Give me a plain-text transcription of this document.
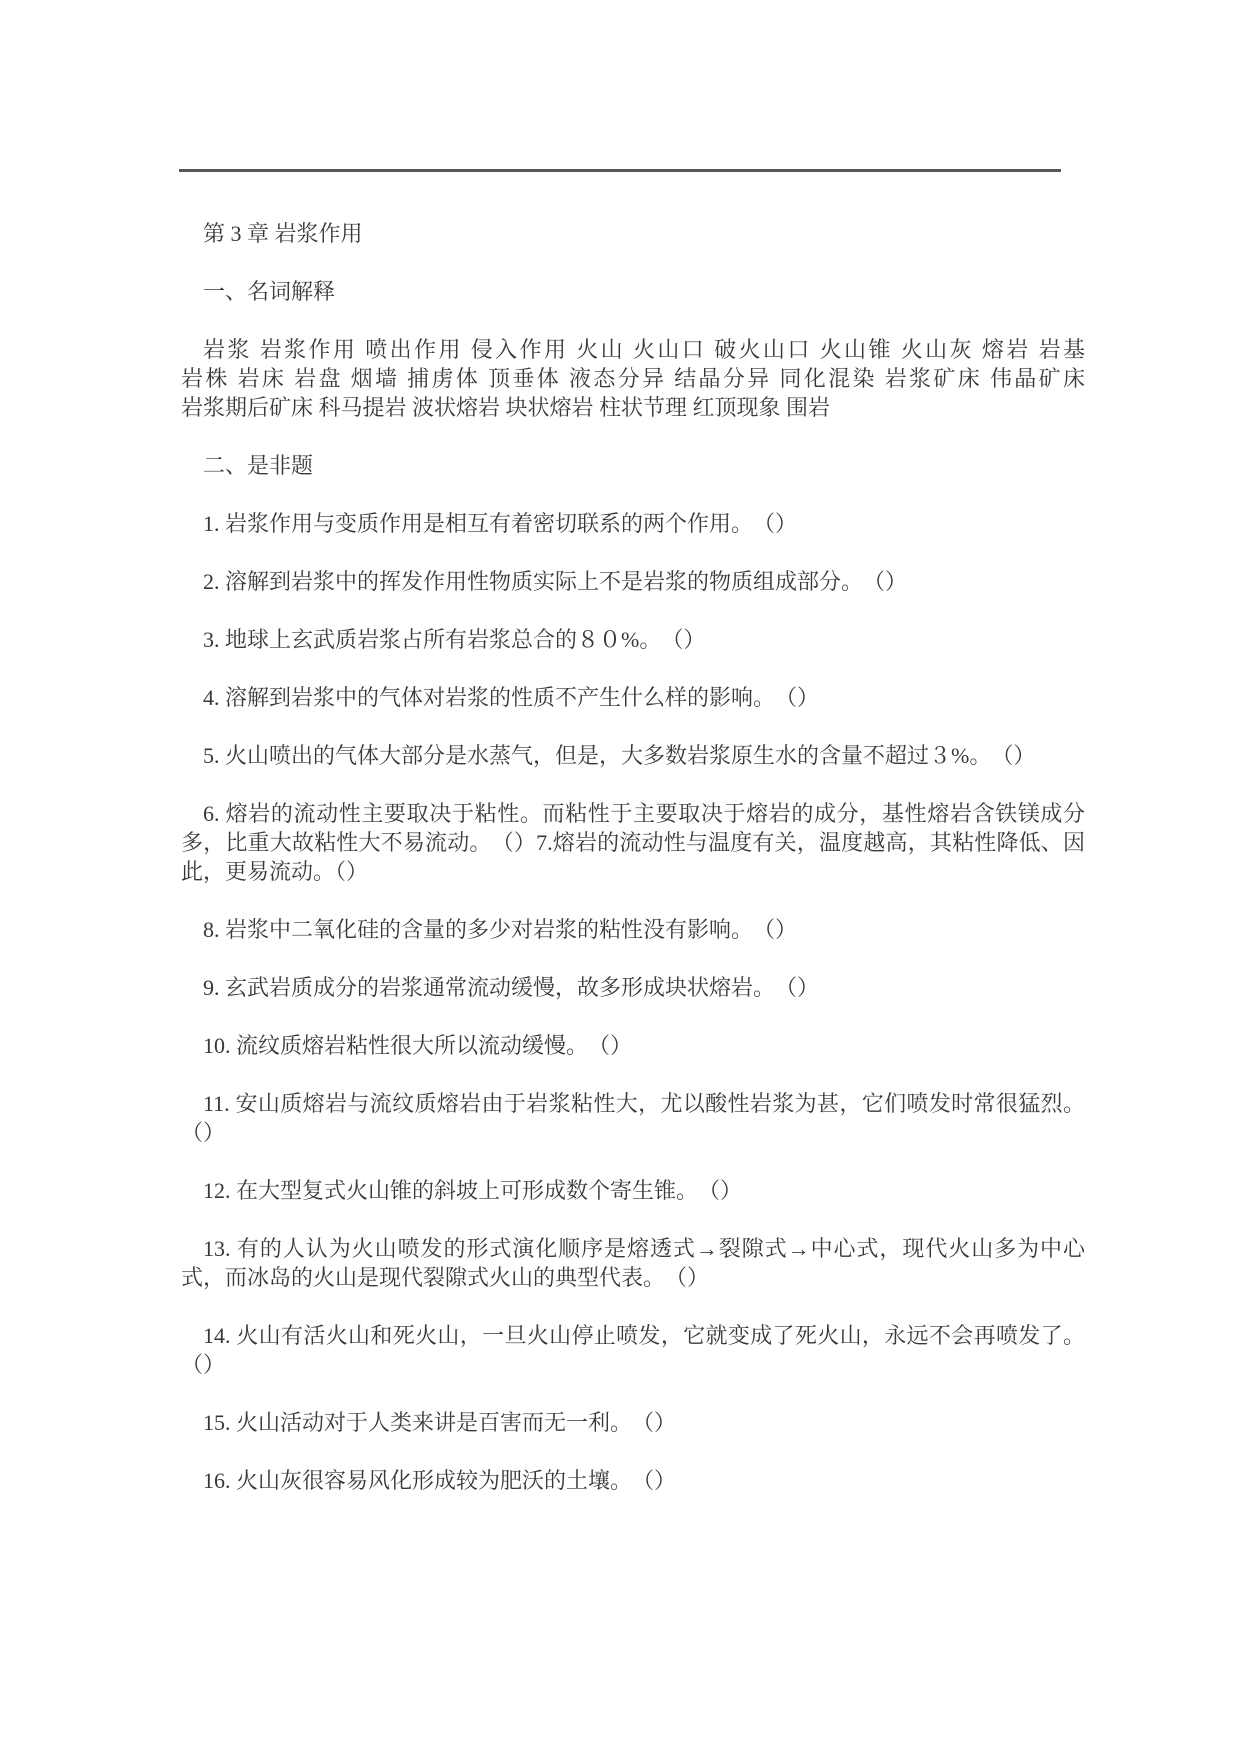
第 3 章 岩浆作用

一、名词解释

岩浆 岩浆作用 喷出作用 侵入作用 火山 火山口 破火山口 火山锥 火山灰 熔岩 岩基
岩株 岩床 岩盘 烟墙 捕虏体 顶垂体 液态分异 结晶分异 同化混染 岩浆矿床 伟晶矿床
岩浆期后矿床 科马提岩 波状熔岩 块状熔岩 柱状节理 红顶现象 围岩

二、是非题

1. 岩浆作用与变质作用是相互有着密切联系的两个作用。　（）

2. 溶解到岩浆中的挥发作用性物质实际上不是岩浆的物质组成部分。　（）

3. 地球上玄武质岩浆占所有岩浆总合的８０%。　（）

4. 溶解到岩浆中的气体对岩浆的性质不产生什么样的影响。　（）

5. 火山喷出的气体大部分是水蒸气，但是，大多数岩浆原生水的含量不超过３%。　（）

6. 熔岩的流动性主要取决于粘性。而粘性于主要取决于熔岩的成分，基性熔岩含铁镁成分多，比重大故粘性大不易流动。　（）7.熔岩的流动性与温度有关，温度越高，其粘性降低、因此，更易流动。（）

8. 岩浆中二氧化硅的含量的多少对岩浆的粘性没有影响。　（）

9. 玄武岩质成分的岩浆通常流动缓慢，故多形成块状熔岩。　（）

10. 流纹质熔岩粘性很大所以流动缓慢。　（）

11. 安山质熔岩与流纹质熔岩由于岩浆粘性大，尤以酸性岩浆为甚，它们喷发时常很猛烈。（）

12. 在大型复式火山锥的斜坡上可形成数个寄生锥。　（）

13. 有的人认为火山喷发的形式演化顺序是熔透式→裂隙式→中心式，现代火山多为中心式，而冰岛的火山是现代裂隙式火山的典型代表。　（）

14. 火山有活火山和死火山，一旦火山停止喷发，它就变成了死火山，永远不会再喷发了。（）

15. 火山活动对于人类来讲是百害而无一利。　（）

16. 火山灰很容易风化形成较为肥沃的土壤。　（）
